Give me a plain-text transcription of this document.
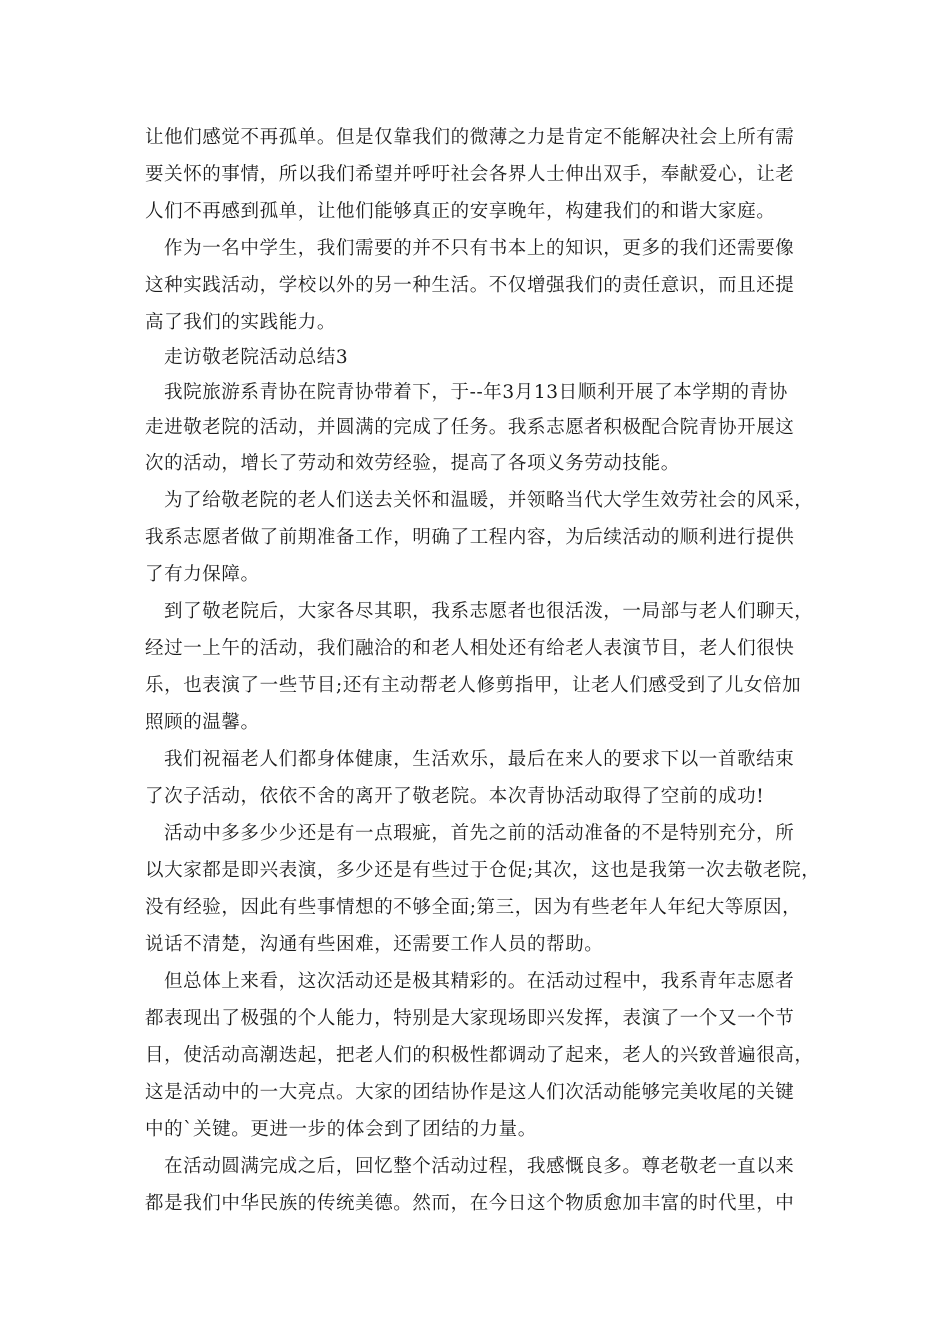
让他们感觉不再孤单。但是仅靠我们的微薄之力是肯定不能解决社会上所有需
要关怀的事情，所以我们希望并呼吁社会各界人士伸出双手，奉献爱心，让老
人们不再感到孤单，让他们能够真正的安享晚年，构建我们的和谐大家庭。
作为一名中学生，我们需要的并不只有书本上的知识，更多的我们还需要像
这种实践活动，学校以外的另一种生活。不仅增强我们的责任意识，而且还提
高了我们的实践能力。
走访敬老院活动总结3
我院旅游系青协在院青协带着下，于--年3月13日顺利开展了本学期的青协
走进敬老院的活动，并圆满的完成了任务。我系志愿者积极配合院青协开展这
次的活动，增长了劳动和效劳经验，提高了各项义务劳动技能。
为了给敬老院的老人们送去关怀和温暖，并领略当代大学生效劳社会的风采，
我系志愿者做了前期准备工作，明确了工程内容，为后续活动的顺利进行提供
了有力保障。
到了敬老院后，大家各尽其职，我系志愿者也很活泼，一局部与老人们聊天，
经过一上午的活动，我们融洽的和老人相处还有给老人表演节目，老人们很快
乐，也表演了一些节目;还有主动帮老人修剪指甲，让老人们感受到了儿女倍加
照顾的温馨。
我们祝福老人们都身体健康，生活欢乐，最后在来人的要求下以一首歌结束
了次子活动，依依不舍的离开了敬老院。本次青协活动取得了空前的成功!
活动中多多少少还是有一点瑕疵，首先之前的活动准备的不是特别充分，所
以大家都是即兴表演，多少还是有些过于仓促;其次，这也是我第一次去敬老院，
没有经验，因此有些事情想的不够全面;第三，因为有些老年人年纪大等原因，
说话不清楚，沟通有些困难，还需要工作人员的帮助。
但总体上来看，这次活动还是极其精彩的。在活动过程中，我系青年志愿者
都表现出了极强的个人能力，特别是大家现场即兴发挥，表演了一个又一个节
目，使活动高潮迭起，把老人们的积极性都调动了起来，老人的兴致普遍很高，
这是活动中的一大亮点。大家的团结协作是这人们次活动能够完美收尾的关键
中的`关键。更进一步的体会到了团结的力量。
在活动圆满完成之后，回忆整个活动过程，我感慨良多。尊老敬老一直以来
都是我们中华民族的传统美德。然而，在今日这个物质愈加丰富的时代里，中
